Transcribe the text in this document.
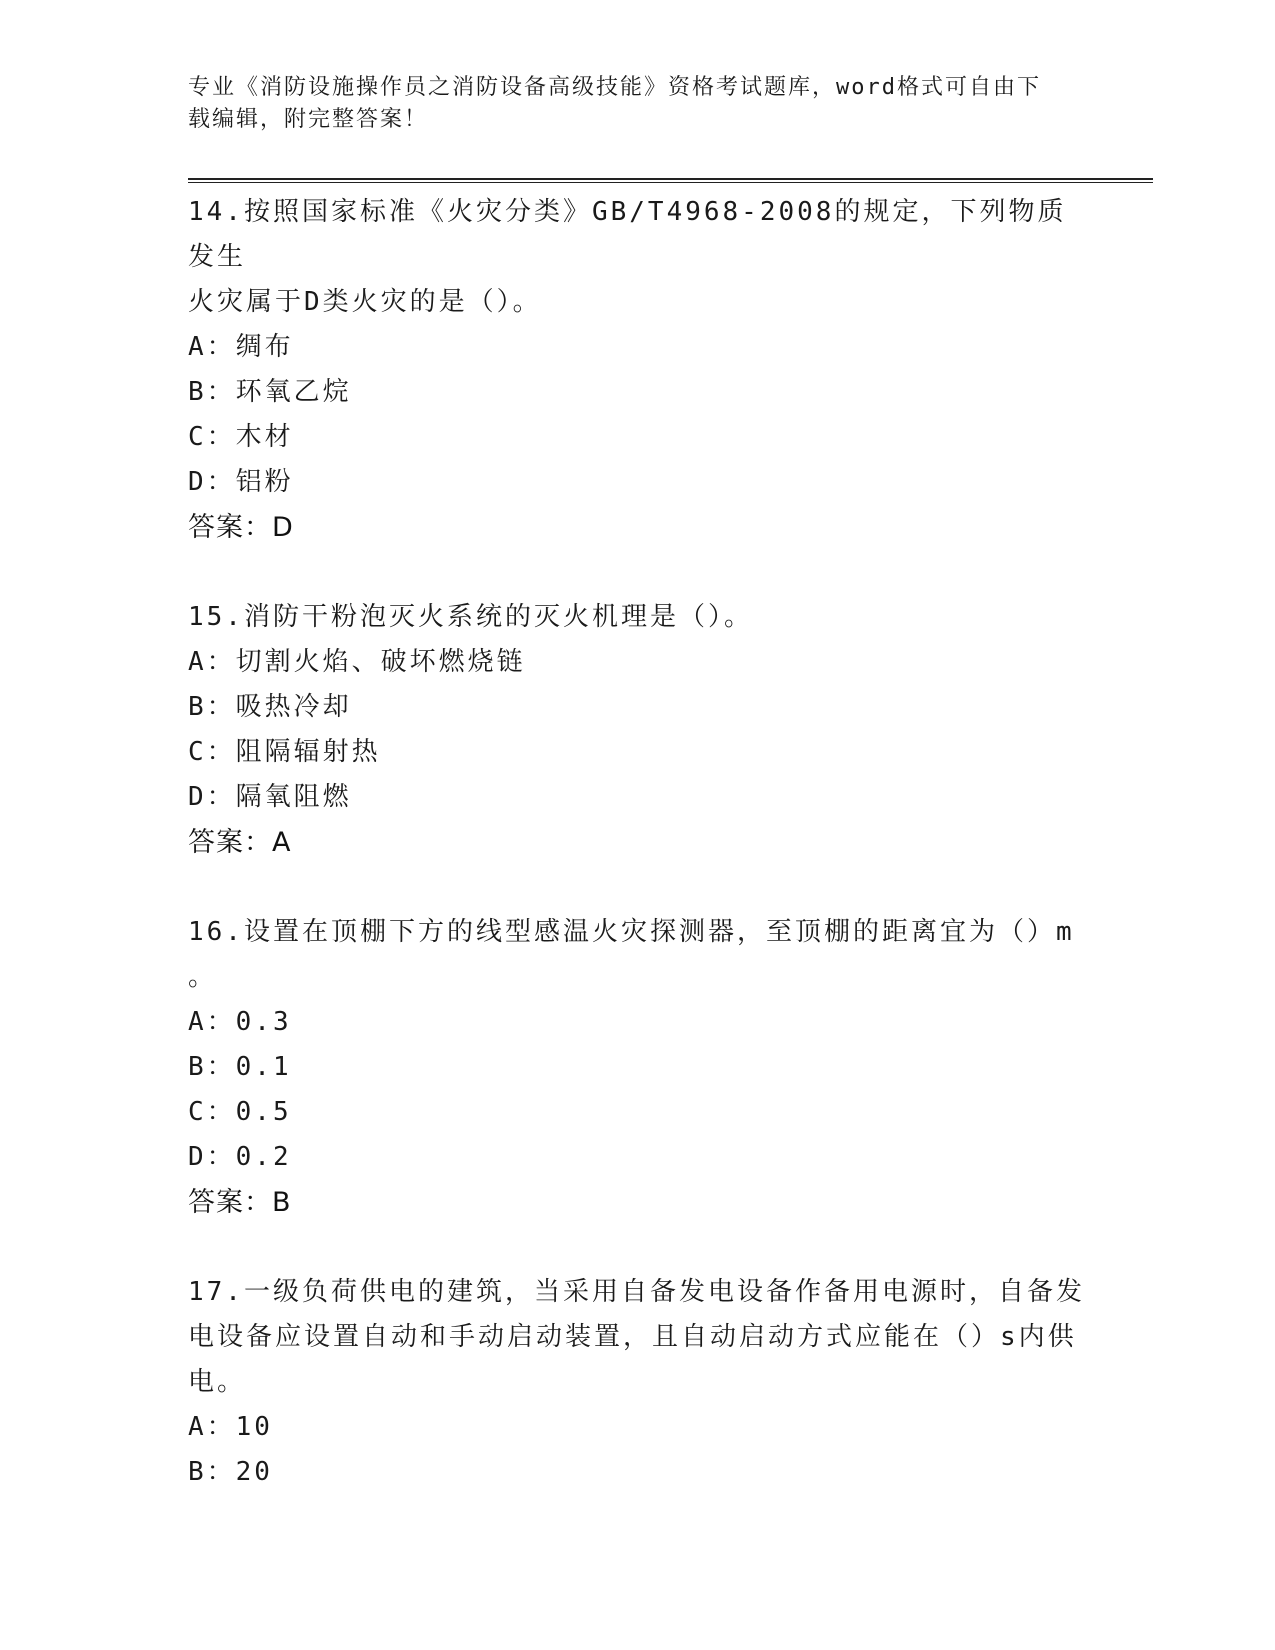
专业《消防设施操作员之消防设备高级技能》资格考试题库，word格式可自由下
载编辑，附完整答案！

14.按照国家标准《火灾分类》GB/T4968-2008的规定，下列物质发生

火灾属于D类火灾的是（）。

A：绸布

B：环氧乙烷

C：木材

D：铝粉

答案：D

15.消防干粉泡灭火系统的灭火机理是（）。

A：切割火焰、破坏燃烧链

B：吸热冷却

C：阻隔辐射热

D：隔氧阻燃

答案：A

16.设置在顶棚下方的线型感温火灾探测器，至顶棚的距离宜为（）m

。

A：0.3

B：0.1

C：0.5

D：0.2

答案：B

17.一级负荷供电的建筑，当采用自备发电设备作备用电源时，自备发

电设备应设置自动和手动启动装置，且自动启动方式应能在（）s内供

电。

A：10

B：20
